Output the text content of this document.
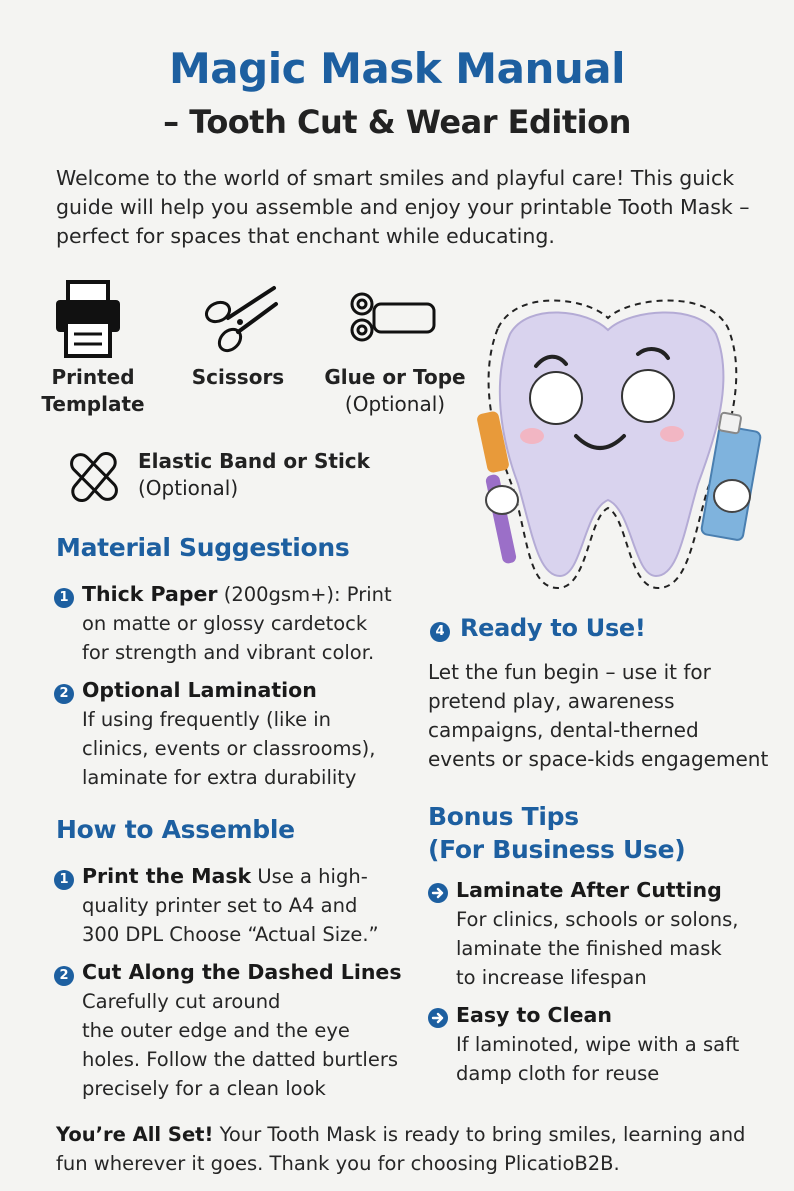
Magic Mask Manual
– Tooth Cut & Wear Edition
Welcome to the world of smart smiles and playful care! This guick guide will help you assemble and enjoy your printable Tooth Mask – perfect for spaces that enchant while educating.
Printed
Template
Scissors Glue or Tope
(Optional)
Elastic Band or Stick
(Optional)
Material Suggestions
1 Thick Paper (200gsm+): Print
on matte or glossy cardetock
for strength and vibrant color.
2 Optional Lamination
If using frequently (like in
clinics, events or classrooms),
laminate for extra durability
How to Assemble
1 Print the Mask Use a high-
quality printer set to A4 and
300 DPL Choose “Actual Size.”
2 Cut Along the Dashed Lines
Carefully cut around
the outer edge and the eye
holes. Follow the datted burtlers
precisely for a clean look
4 Ready to Use!
Let the fun begin – use it for
pretend play, awareness
campaigns, dental-therned
events or space-kids engagement
Bonus Tips
(For Business Use)
Laminate After Cutting
For clinics, schools or solons,
laminate the finished mask
to increase lifespan
Easy to Clean
If laminoted, wipe with a saft
damp cloth for reuse
You’re All Set! Your Tooth Mask is ready to bring smiles, learning and
fun wherever it goes. Thank you for choosing PlicatioB2B.
